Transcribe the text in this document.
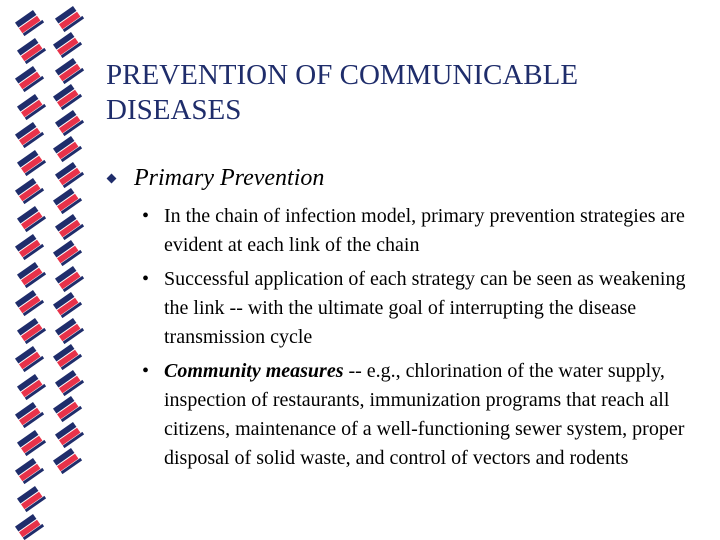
PREVENTION OF COMMUNICABLE DISEASES
Primary Prevention
• In the chain of infection model, primary prevention strategies are evident at each link of the chain
• Successful application of each strategy can be seen as weakening the link -- with the ultimate goal of interrupting the disease transmission cycle
• Community measures -- e.g., chlorination of the water supply, inspection of restaurants, immunization programs that reach all citizens, maintenance of a well-functioning sewer system, proper disposal of solid waste, and control of vectors and rodents
